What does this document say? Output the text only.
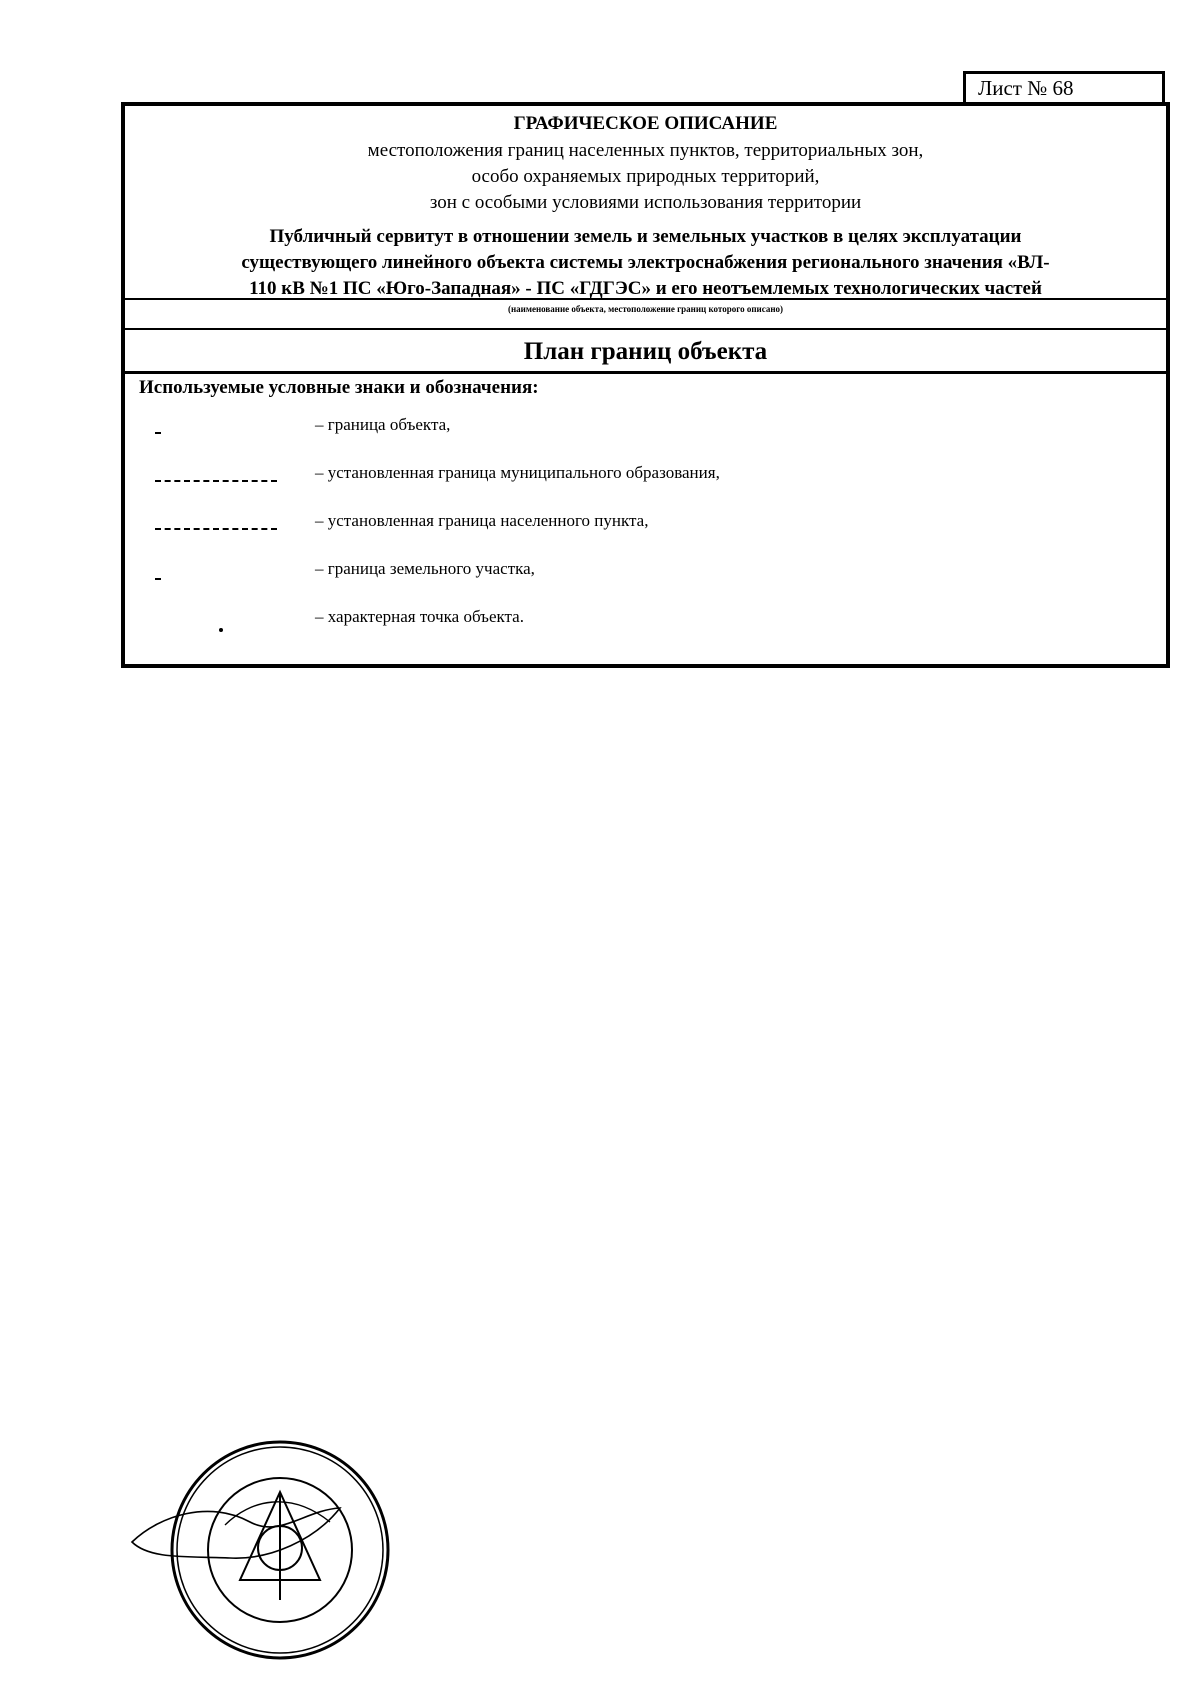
Лист № 68
ГРАФИЧЕСКОЕ ОПИСАНИЕ
местоположения границ населенных пунктов, территориальных зон,
особо охраняемых природных территорий,
зон с особыми условиями использования территории
Публичный сервитут в отношении земель и земельных участков в целях эксплуатации
существующего линейного объекта системы электроснабжения регионального значения «ВЛ-
110 кВ №1 ПС «Юго-Западная» - ПС «ГДГЭС» и его неотъемлемых технологических частей
(наименование объекта, местоположение границ которого описано)
План границ объекта
Используемые условные знаки и обозначения:
– граница объекта,
– установленная граница муниципального образования,
– установленная граница населенного пункта,
– граница земельного участка,
– характерная точка объекта.
